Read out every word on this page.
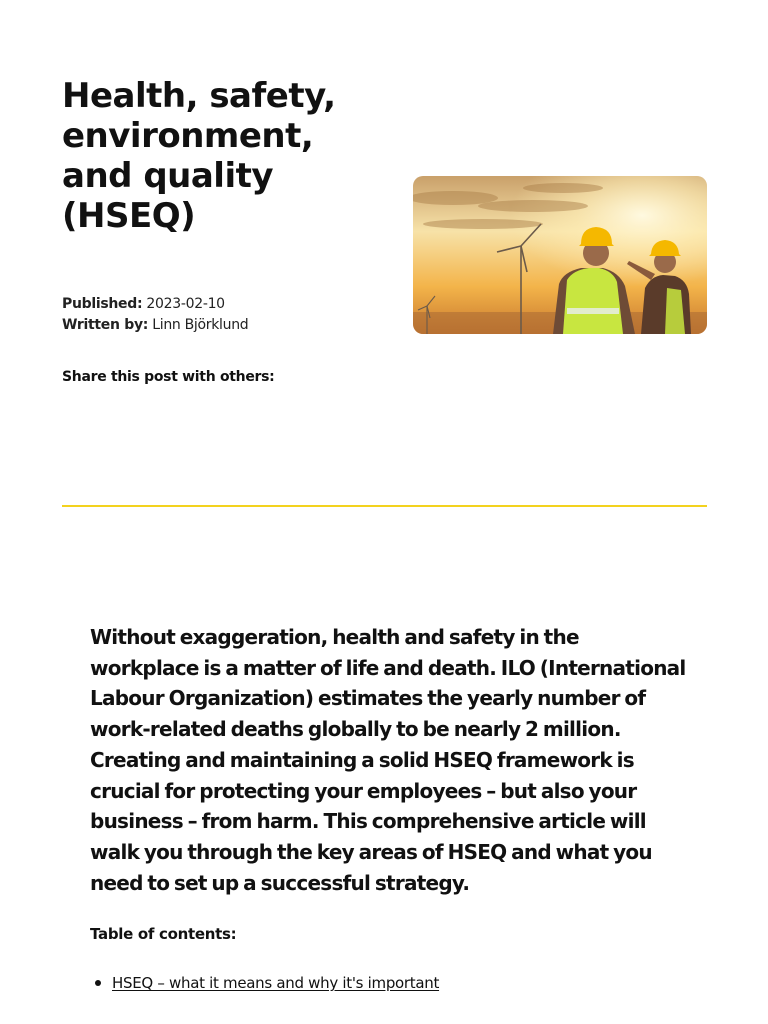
Health, safety,
environment,
and quality
(HSEQ)
Published: 2023-02-10
Written by: Linn Björklund
Share this post with others:
Without exaggeration, health and safety in the
workplace is a matter of life and death. ILO (International
Labour Organization) estimates the yearly number of
work-related deaths globally to be nearly 2 million.
Creating and maintaining a solid HSEQ framework is
crucial for protecting your employees – but also your
business – from harm. This comprehensive article will
walk you through the key areas of HSEQ and what you
need to set up a successful strategy.
Table of contents:
HSEQ – what it means and why it's important
